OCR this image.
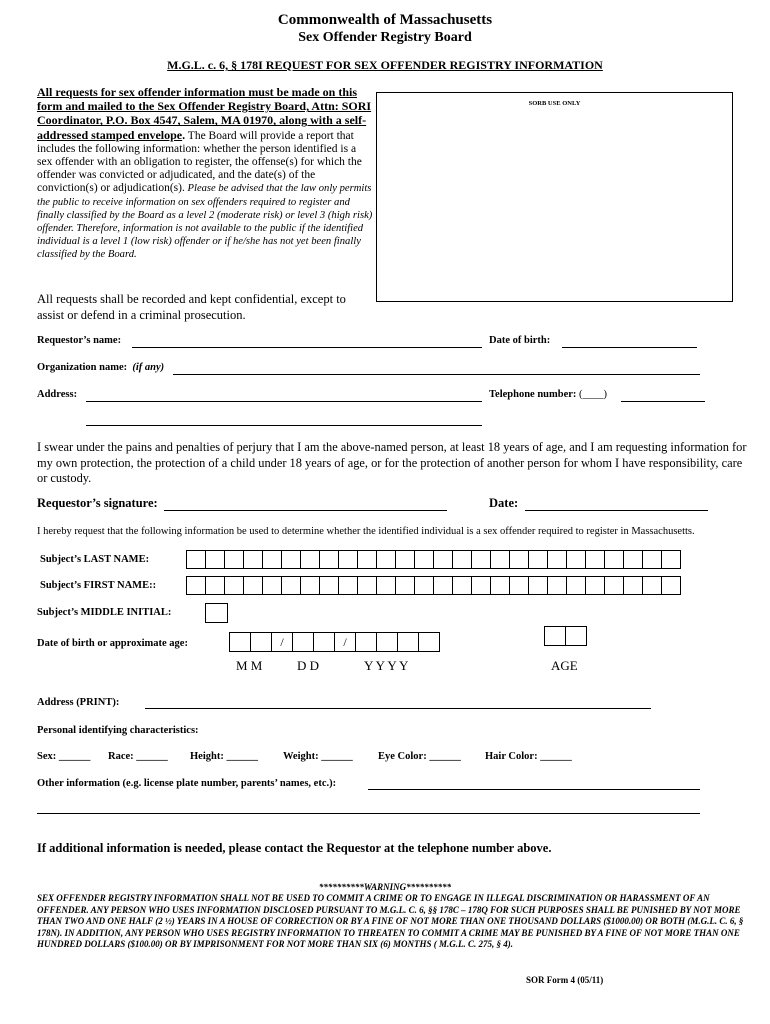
Commonwealth of Massachusetts
Sex Offender Registry Board
M.G.L. c. 6, § 178I REQUEST FOR SEX OFFENDER REGISTRY INFORMATION
All requests for sex offender information must be made on this form and mailed to the Sex Offender Registry Board, Attn: SORI Coordinator, P.O. Box 4547, Salem, MA 01970, along with a self-addressed stamped envelope. The Board will provide a report that includes the following information: whether the person identified is a sex offender with an obligation to register, the offense(s) for which the offender was convicted or adjudicated, and the date(s) of the conviction(s) or adjudication(s). Please be advised that the law only permits the public to receive information on sex offenders required to register and finally classified by the Board as a level 2 (moderate risk) or level 3 (high risk) offender. Therefore, information is not available to the public if the identified individual is a level 1 (low risk) offender or if he/she has not yet been finally classified by the Board.
All requests shall be recorded and kept confidential, except to assist or defend in a criminal prosecution.
SORB USE ONLY
Requestor’s name:	Date of birth:
Organization name: (if any)
Address:	Telephone number: (____)
I swear under the pains and penalties of perjury that I am the above-named person, at least 18 years of age, and I am requesting information for my own protection, the protection of a child under 18 years of age, or for the protection of another person for whom I have responsibility, care or custody.
Requestor’s signature:	Date:
I hereby request that the following information be used to determine whether the identified individual is a sex offender required to register in Massachusetts.
Subject’s LAST NAME:
Subject’s FIRST NAME::
Subject’s MIDDLE INITIAL:
Date of birth or approximate age:	/	/
M M	D D	Y Y Y Y	AGE
Address (PRINT):
Personal identifying characteristics:
Sex: ______ Race: ______ Height: ______ Weight: ______ Eye Color: ______ Hair Color: ______
Other information (e.g. license plate number, parents’ names, etc.):
If additional information is needed, please contact the Requestor at the telephone number above.
**********WARNING**********
SEX OFFENDER REGISTRY INFORMATION SHALL NOT BE USED TO COMMIT A CRIME OR TO ENGAGE IN ILLEGAL DISCRIMINATION OR HARASSMENT OF AN OFFENDER. ANY PERSON WHO USES INFORMATION DISCLOSED PURSUANT TO M.G.L. C. 6, §§ 178C – 178Q FOR SUCH PURPOSES SHALL BE PUNISHED BY NOT MORE THAN TWO AND ONE HALF (2 ½) YEARS IN A HOUSE OF CORRECTION OR BY A FINE OF NOT MORE THAN ONE THOUSAND DOLLARS ($1000.00) OR BOTH (M.G.L. C. 6, § 178N). IN ADDITION, ANY PERSON WHO USES REGISTRY INFORMATION TO THREATEN TO COMMIT A CRIME MAY BE PUNISHED BY A FINE OF NOT MORE THAN ONE HUNDRED DOLLARS ($100.00) OR BY IMPRISONMENT FOR NOT MORE THAN SIX (6) MONTHS ( M.G.L. C. 275, § 4).
SOR Form 4 (05/11)
